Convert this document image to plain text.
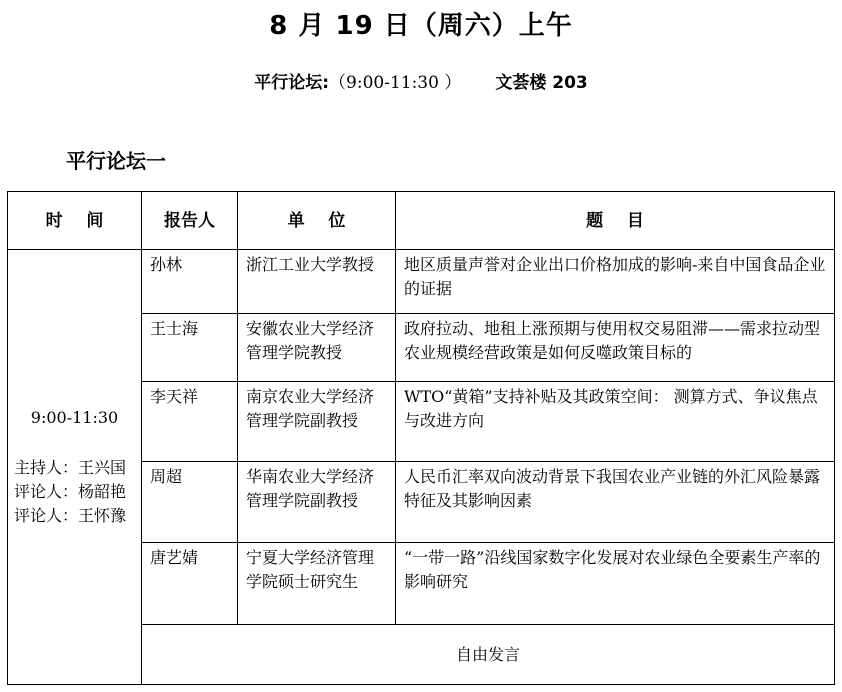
8 月 19 日（周六）上午
平行论坛:（9:00-11:30 ） 文荟楼 203
平行论坛一
时    间	报告人	单    位	题    目

9:00-11:30
主持人：王兴国
评论人：杨韶艳
评论人：王怀豫	孙林	浙江工业大学教授	地区质量声誉对企业出口价格加成的影响-来自中国食品企业的证据

	王士海	安徽农业大学经济管理学院教授	政府拉动、地租上涨预期与使用权交易阻滞——需求拉动型农业规模经营政策是如何反噬政策目标的

	李天祥	南京农业大学经济管理学院副教授	WTO“黄箱”支持补贴及其政策空间： 测算方式、争议焦点与改进方向

	周超	华南农业大学经济管理学院副教授	人民币汇率双向波动背景下我国农业产业链的外汇风险暴露特征及其影响因素

	唐艺婧	宁夏大学经济管理学院硕士研究生	“一带一路”沿线国家数字化发展对农业绿色全要素生产率的影响研究

	自由发言		
